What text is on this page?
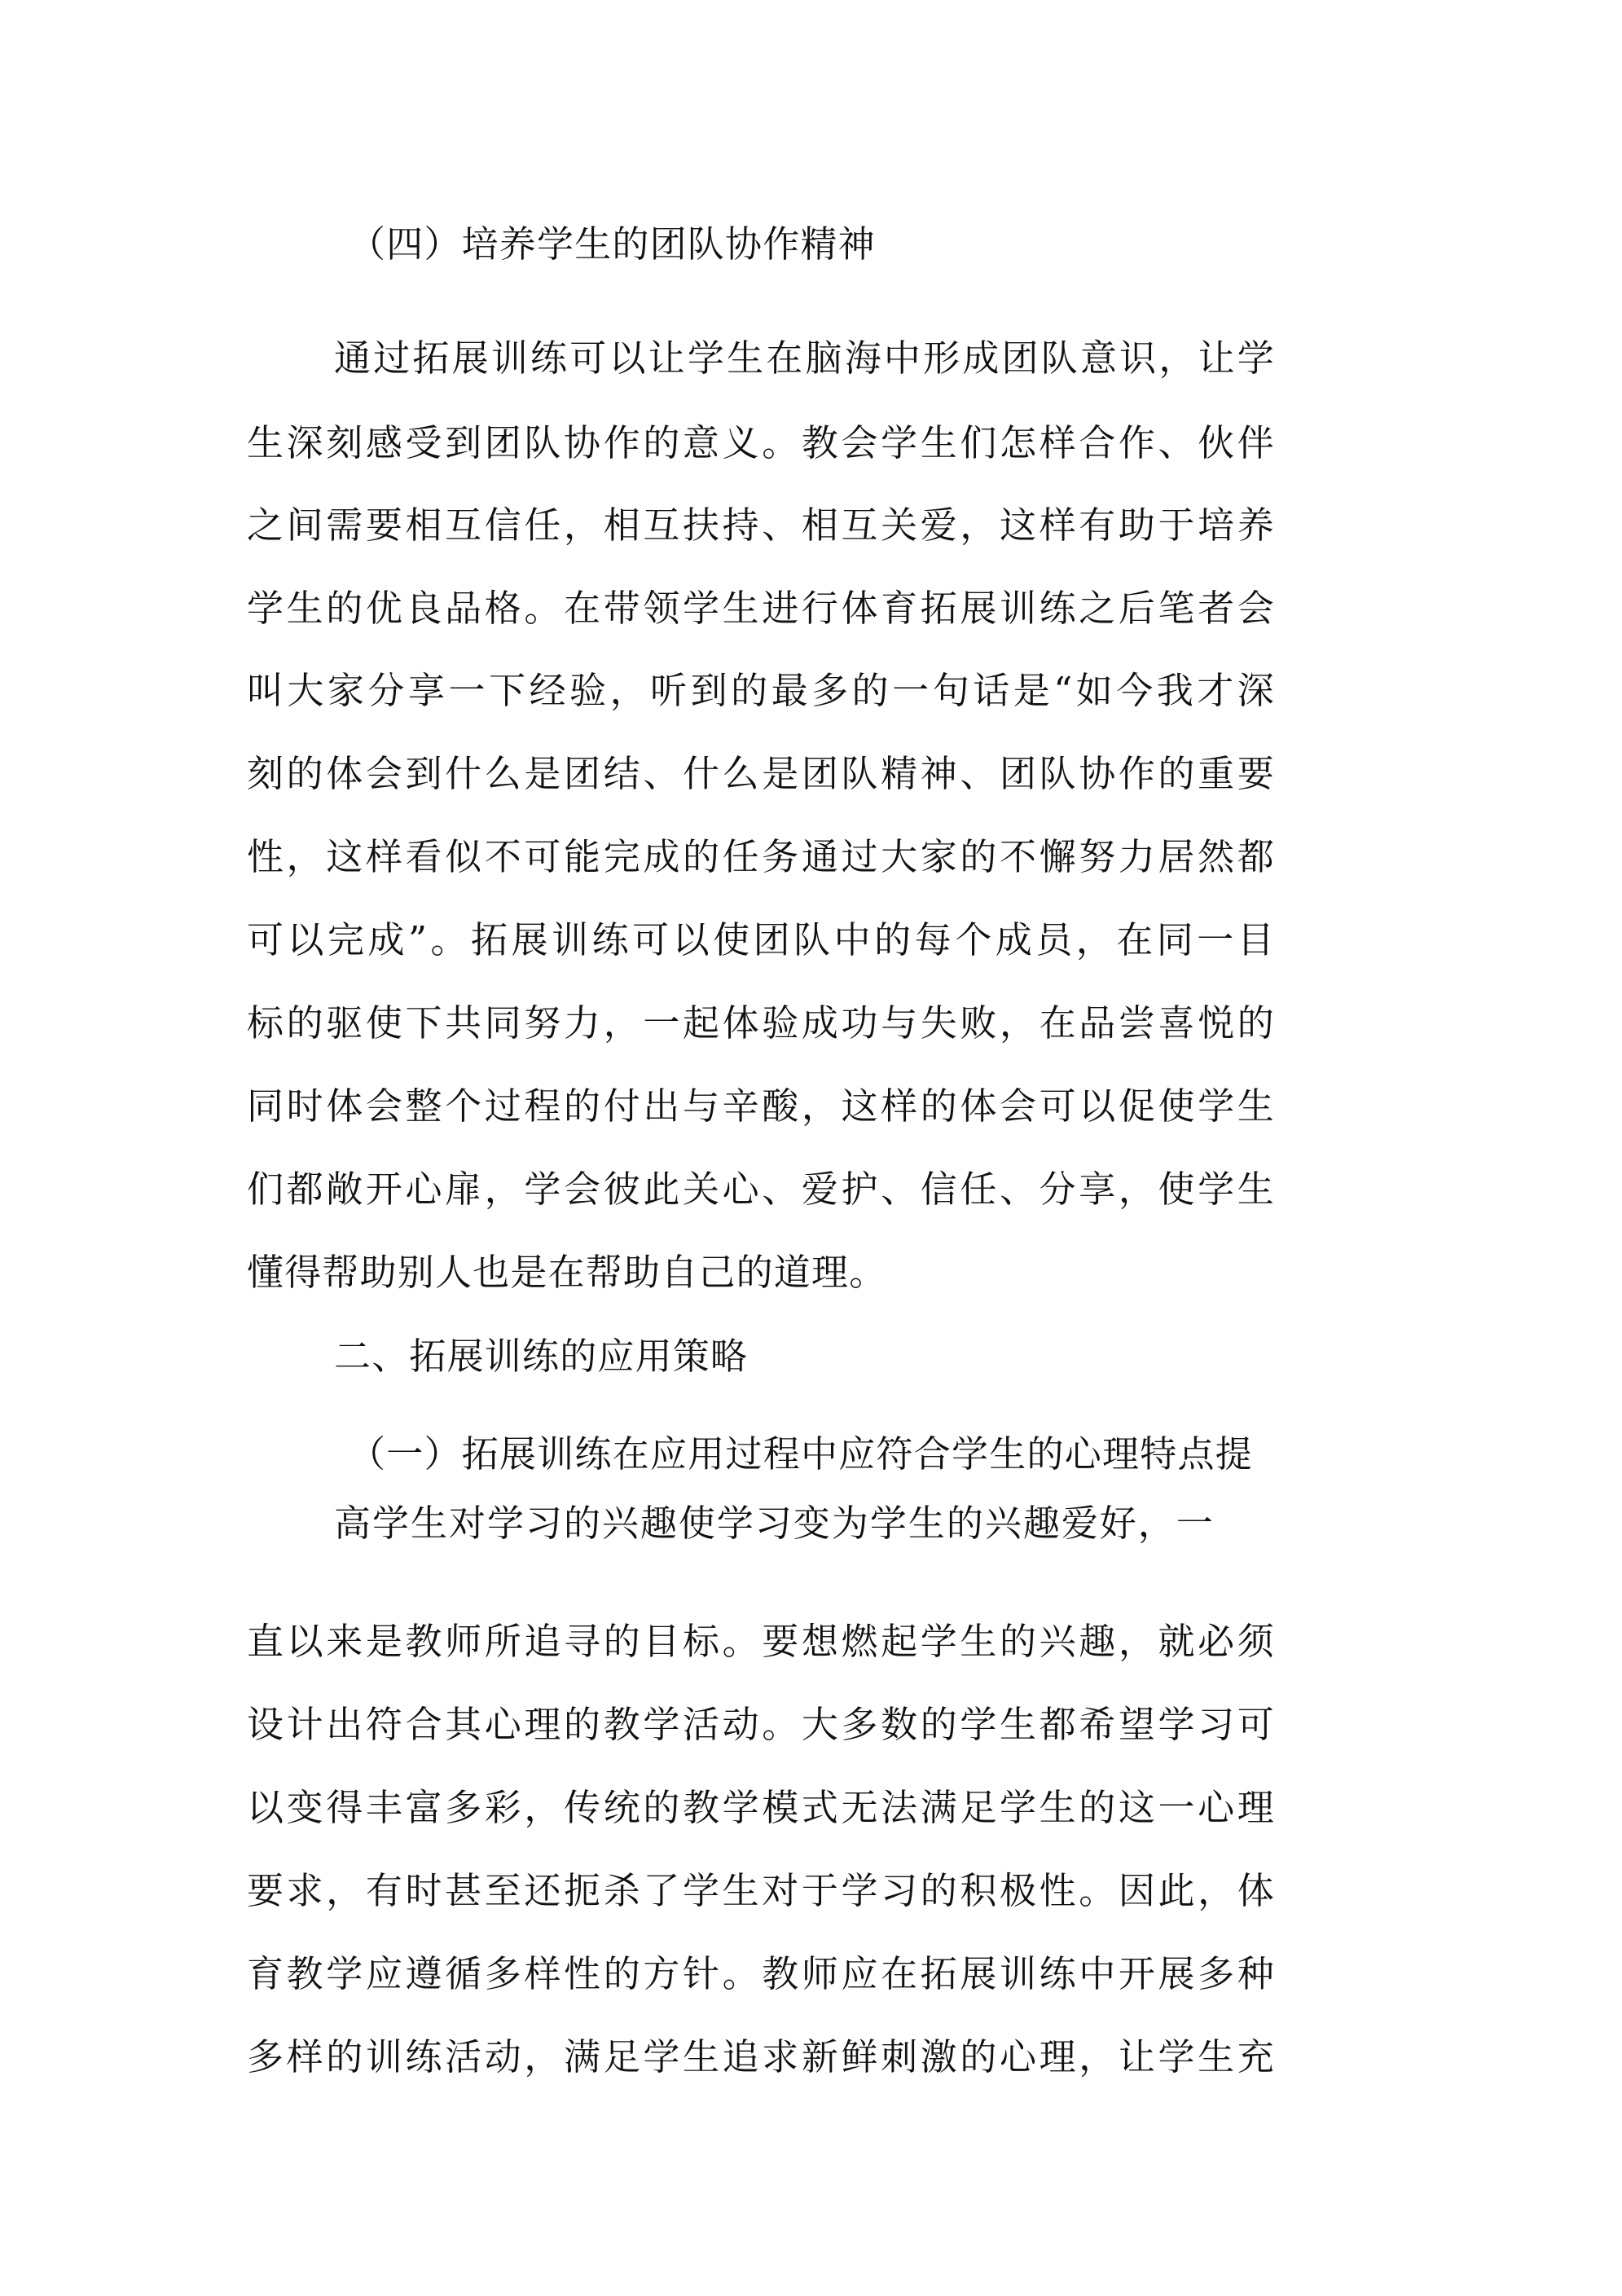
（四）培养学生的团队协作精神
通过拓展训练可以让学生在脑海中形成团队意识，让学
生深刻感受到团队协作的意义。教会学生们怎样合作、伙伴
之间需要相互信任，相互扶持、相互关爱，这样有助于培养
学生的优良品格。在带领学生进行体育拓展训练之后笔者会
叫大家分享一下经验，听到的最多的一句话是“如今我才深
刻的体会到什么是团结、什么是团队精神、团队协作的重要
性，这样看似不可能完成的任务通过大家的不懈努力居然都
可以完成”。拓展训练可以使团队中的每个成员，在同一目
标的驱使下共同努力，一起体验成功与失败，在品尝喜悦的
同时体会整个过程的付出与辛酸，这样的体会可以促使学生
们都敞开心扉，学会彼此关心、爱护、信任、分享，使学生
懂得帮助别人也是在帮助自己的道理。
二、拓展训练的应用策略
（一）拓展训练在应用过程中应符合学生的心理特点提
高学生对学习的兴趣使学习变为学生的兴趣爱好，一
直以来是教师所追寻的目标。要想燃起学生的兴趣，就必须
设计出符合其心理的教学活动。大多数的学生都希望学习可
以变得丰富多彩，传统的教学模式无法满足学生的这一心理
要求，有时甚至还扼杀了学生对于学习的积极性。因此，体
育教学应遵循多样性的方针。教师应在拓展训练中开展多种
多样的训练活动，满足学生追求新鲜刺激的心理，让学生充
